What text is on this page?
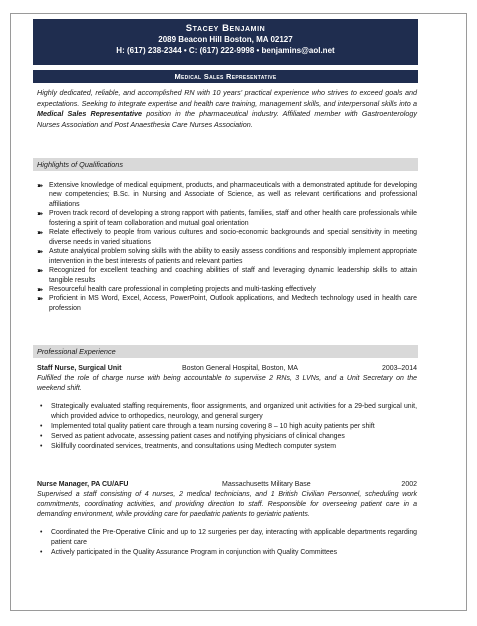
Stacey Benjamin
2089 Beacon Hill Boston, MA 02127
H: (617) 238-2344 • C: (617) 222-9998 • benjamins@aol.net
Medical Sales Representative
Highly dedicated, reliable, and accomplished RN with 10 years' practical experience who strives to exceed goals and expectations. Seeking to integrate expertise and health care training, management skills, and interpersonal skills into a Medical Sales Representative position in the pharmaceutical industry. Affiliated member with Gastroenterology Nurses Association and Post Anaesthesia Care Nurses Association.
Highlights of Qualifications
➽ Extensive knowledge of medical equipment, products, and pharmaceuticals with a demonstrated aptitude for developing new competencies; B.Sc. in Nursing and Associate of Science, as well as relevant certifications and professional affiliations
➽ Proven track record of developing a strong rapport with patients, families, staff and other health care professionals while fostering a spirit of team collaboration and mutual goal orientation
➽ Relate effectively to people from various cultures and socio-economic backgrounds and special sensitivity in meeting diverse needs in varied situations
➽ Astute analytical problem solving skills with the ability to easily assess conditions and responsibly implement appropriate intervention in the best interests of patients and relevant parties
➽ Recognized for excellent teaching and coaching abilities of staff and leveraging dynamic leadership skills to attain tangible results
➽ Resourceful health care professional in completing projects and multi-tasking effectively
➽ Proficient in MS Word, Excel, Access, PowerPoint, Outlook applications, and Medtech technology used in health care profession
Professional Experience
Staff Nurse, Surgical Unit	Boston General Hospital, Boston, MA	2003–2014
Fulfilled the role of charge nurse with being accountable to superviise 2 RNs, 3 LVNs, and a Unit Secretary on the weekend shift.
• Strategically evaluated staffing requirements, floor assignments, and organized unit activities for a 29-bed surgical unit, which provided advice to orthopedics, neurology, and general surgery
• Implemented total quality patient care through a team nursing covering 8 – 10 high acuity patients per shift
• Served as patient advocate, assessing patient cases and notifying physicians of clinical changes
• Skillfully coordinated services, treatments, and consultations using Medtech computer system
Nurse Manager, PA CU/AFU	Massachusetts Military Base	2002
Supervised a staff consisting of 4 nurses, 2 medical technicians, and 1 British Civilian Personnel, scheduling work commitments, coordinating activities, and providing direction to staff. Responsible for overseeing patient care in a demanding environment, while providing care for paediatric patients to geriatric patients.
• Coordinated the Pre-Operative Clinic and up to 12 surgeries per day, interacting with applicable departments regarding patient care
• Actively participated in the Quality Assurance Program in conjunction with Quality Committees
